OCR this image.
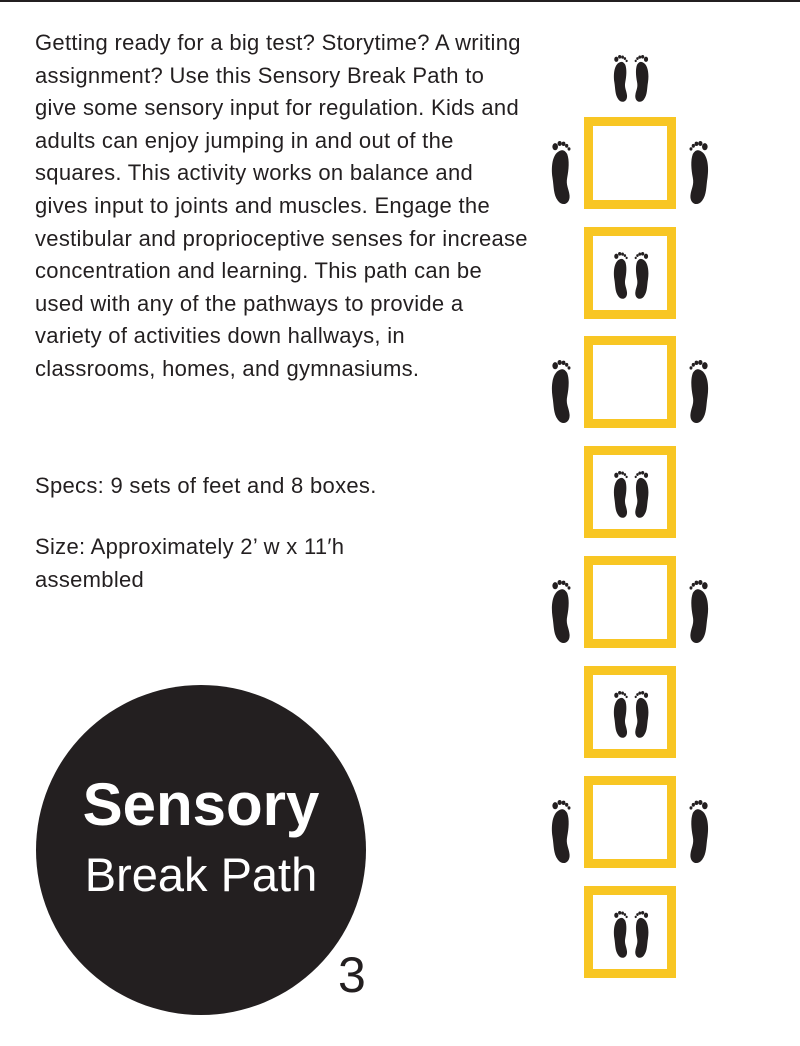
Getting ready for a big test? Storytime? A writing assignment? Use this Sensory Break Path to give some sensory input for regulation. Kids and adults can enjoy jumping in and out of the squares. This activity works on balance and gives input to joints and muscles. Engage the vestibular and proprioceptive senses for increase concentration and learning. This path can be used with any of the pathways to provide a variety of activities down hallways, in classrooms, homes, and gymnasiums.

Specs: 9 sets of feet and 8 boxes.

Size: Approximately 2’ w x 11′h assembled

Sensory
Break Path
3
